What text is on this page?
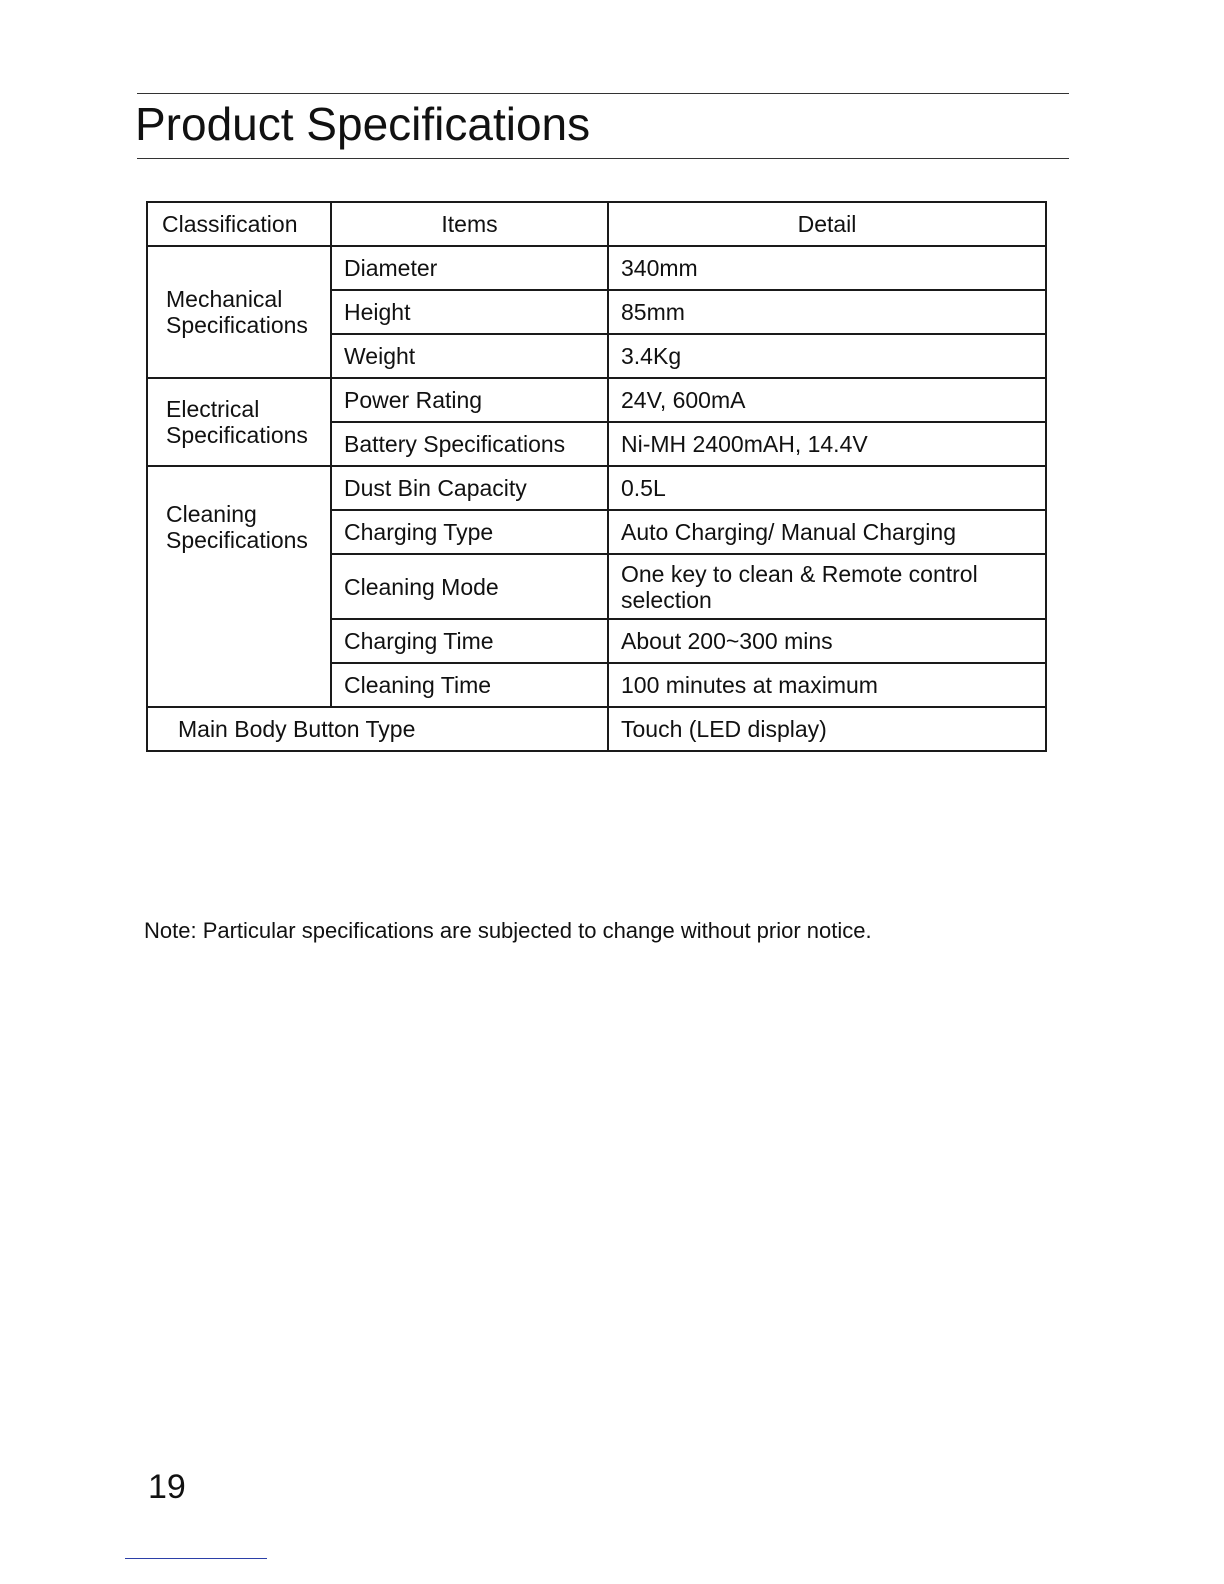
Product Specifications
Classification	Items	Detail
Mechanical Specifications	Diameter	340mm
	Height	85mm
	Weight	3.4Kg
Electrical Specifications	Power Rating	24V, 600mA
	Battery Specifications	Ni-MH 2400mAH, 14.4V
Cleaning Specifications	Dust Bin Capacity	0.5L
	Charging Type	Auto Charging/ Manual Charging
	Cleaning Mode	One key to clean & Remote control selection
	Charging Time	About 200~300 mins
	Cleaning Time	100 minutes at maximum
Main Body Button Type		Touch (LED display)

Note: Particular specifications are subjected to change without prior notice.

19
